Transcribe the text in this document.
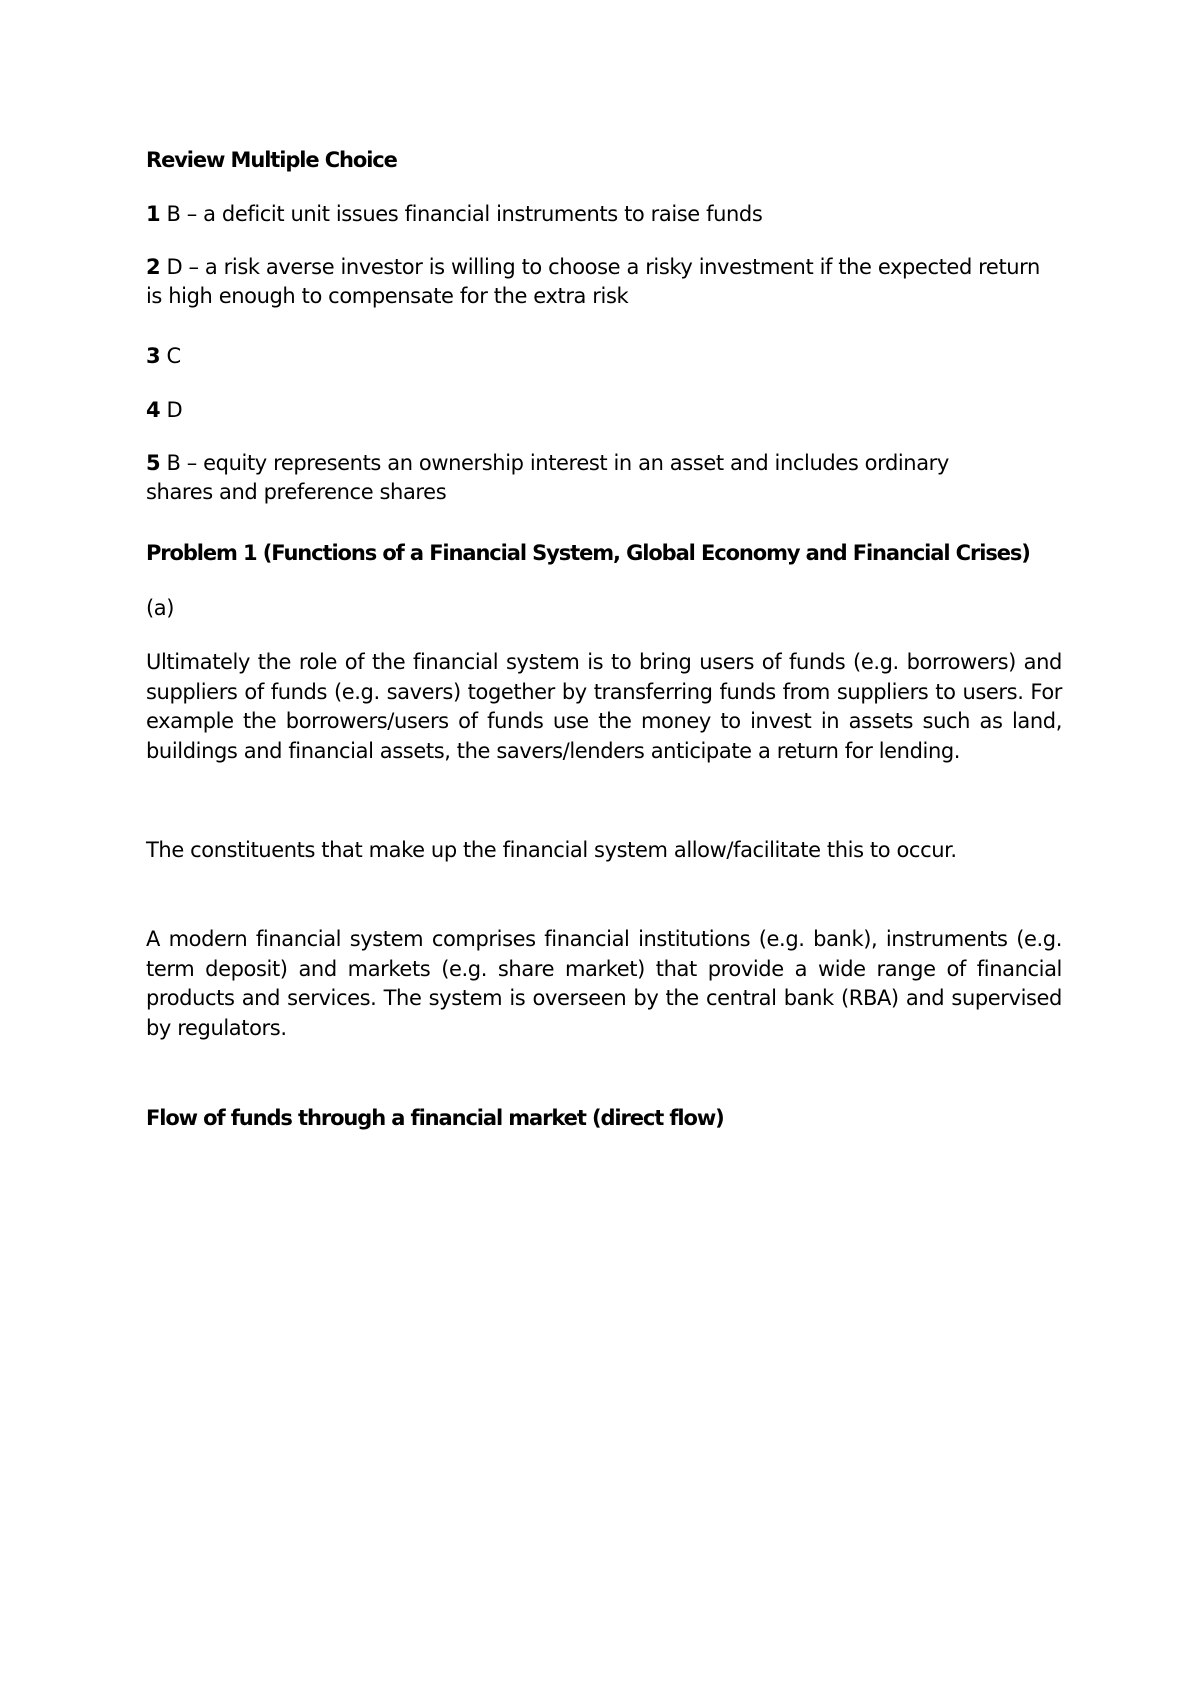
Review Multiple Choice

1 B – a deficit unit issues financial instruments to raise funds

2 D – a risk averse investor is willing to choose a risky investment if the expected return is high enough to compensate for the extra risk

3 C

4 D

5 B – equity represents an ownership interest in an asset and includes ordinary shares and preference shares

Problem 1 (Functions of a Financial System, Global Economy and Financial Crises)

(a)

Ultimately the role of the financial system is to bring users of funds (e.g. borrowers) and suppliers of funds (e.g. savers) together by transferring funds from suppliers to users. For example the borrowers/users of funds use the money to invest in assets such as land, buildings and financial assets, the savers/lenders anticipate a return for lending.

The constituents that make up the financial system allow/facilitate this to occur.

A modern financial system comprises financial institutions (e.g. bank), instruments (e.g. term deposit) and markets (e.g. share market) that provide a wide range of financial products and services. The system is overseen by the central bank (RBA) and supervised by regulators.

Flow of funds through a financial market (direct flow)
